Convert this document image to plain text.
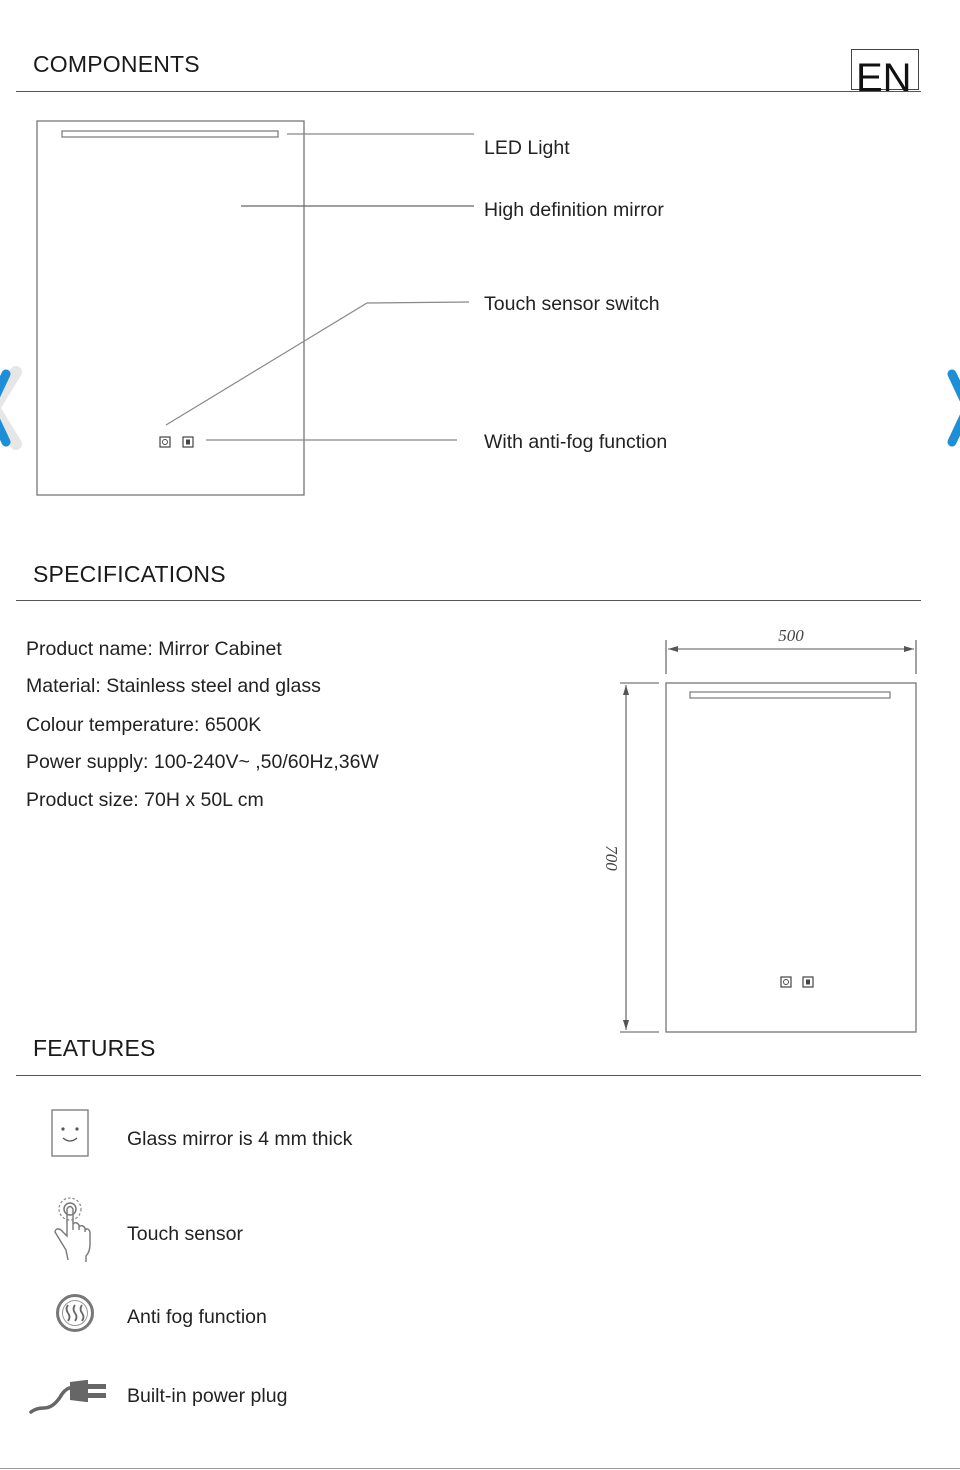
COMPONENTS	EN
LED Light
High definition mirror
Touch sensor switch
With anti-fog function
SPECIFICATIONS
Product name: Mirror Cabinet
Material: Stainless steel and glass
Colour temperature: 6500K
Power supply: 100-240V~ ,50/60Hz,36W
Product size: 70H x 50L cm
500
700
FEATURES
Glass mirror is 4 mm thick
Touch sensor
Anti fog function
Built-in power plug
